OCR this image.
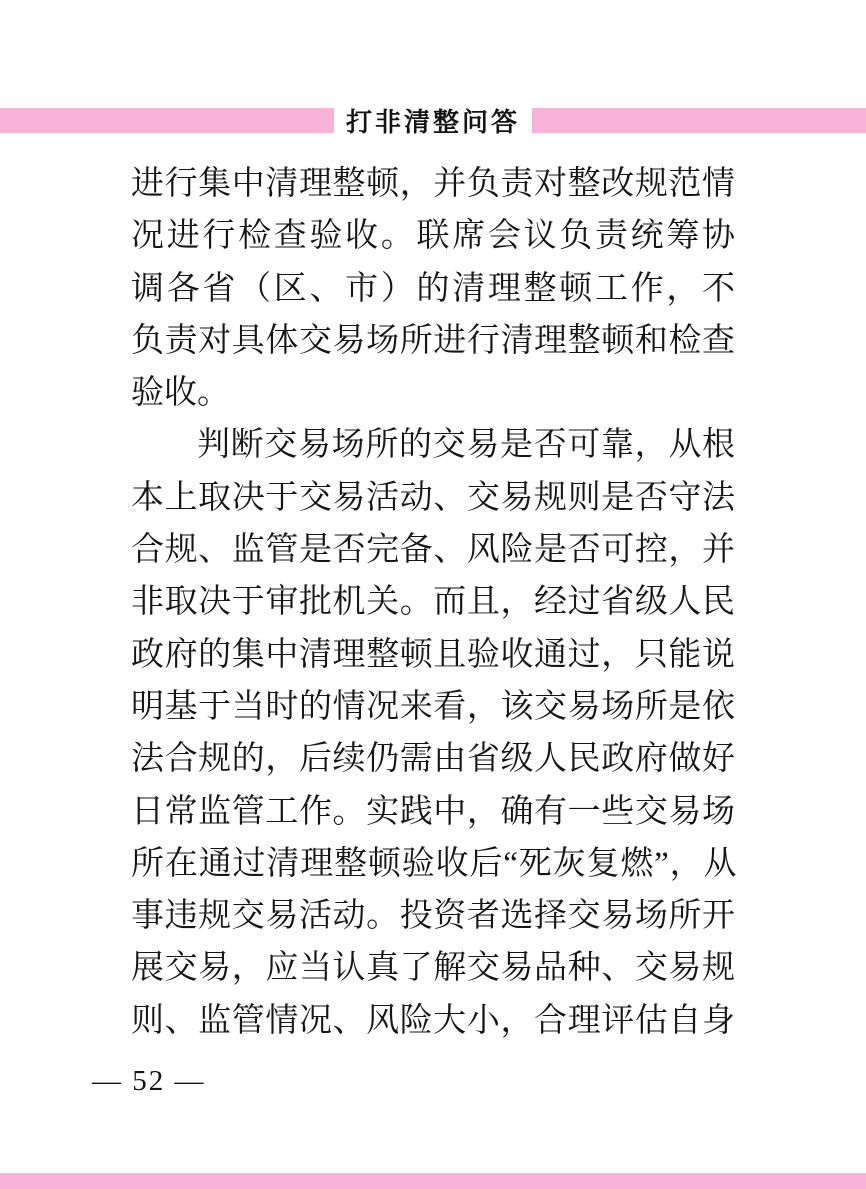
打非清整问答
进行集中清理整顿，并负责对整改规范情
况进行检查验收。联席会议负责统筹协
调各省（区、市）的清理整顿工作，不
负责对具体交易场所进行清理整顿和检查
验收。
判断交易场所的交易是否可靠，从根
本上取决于交易活动、交易规则是否守法
合规、监管是否完备、风险是否可控，并
非取决于审批机关。而且，经过省级人民
政府的集中清理整顿且验收通过，只能说
明基于当时的情况来看，该交易场所是依
法合规的，后续仍需由省级人民政府做好
日常监管工作。实践中，确有一些交易场
所在通过清理整顿验收后“死灰复燃”，从
事违规交易活动。投资者选择交易场所开
展交易，应当认真了解交易品种、交易规
则、监管情况、风险大小，合理评估自身
— 52 —
